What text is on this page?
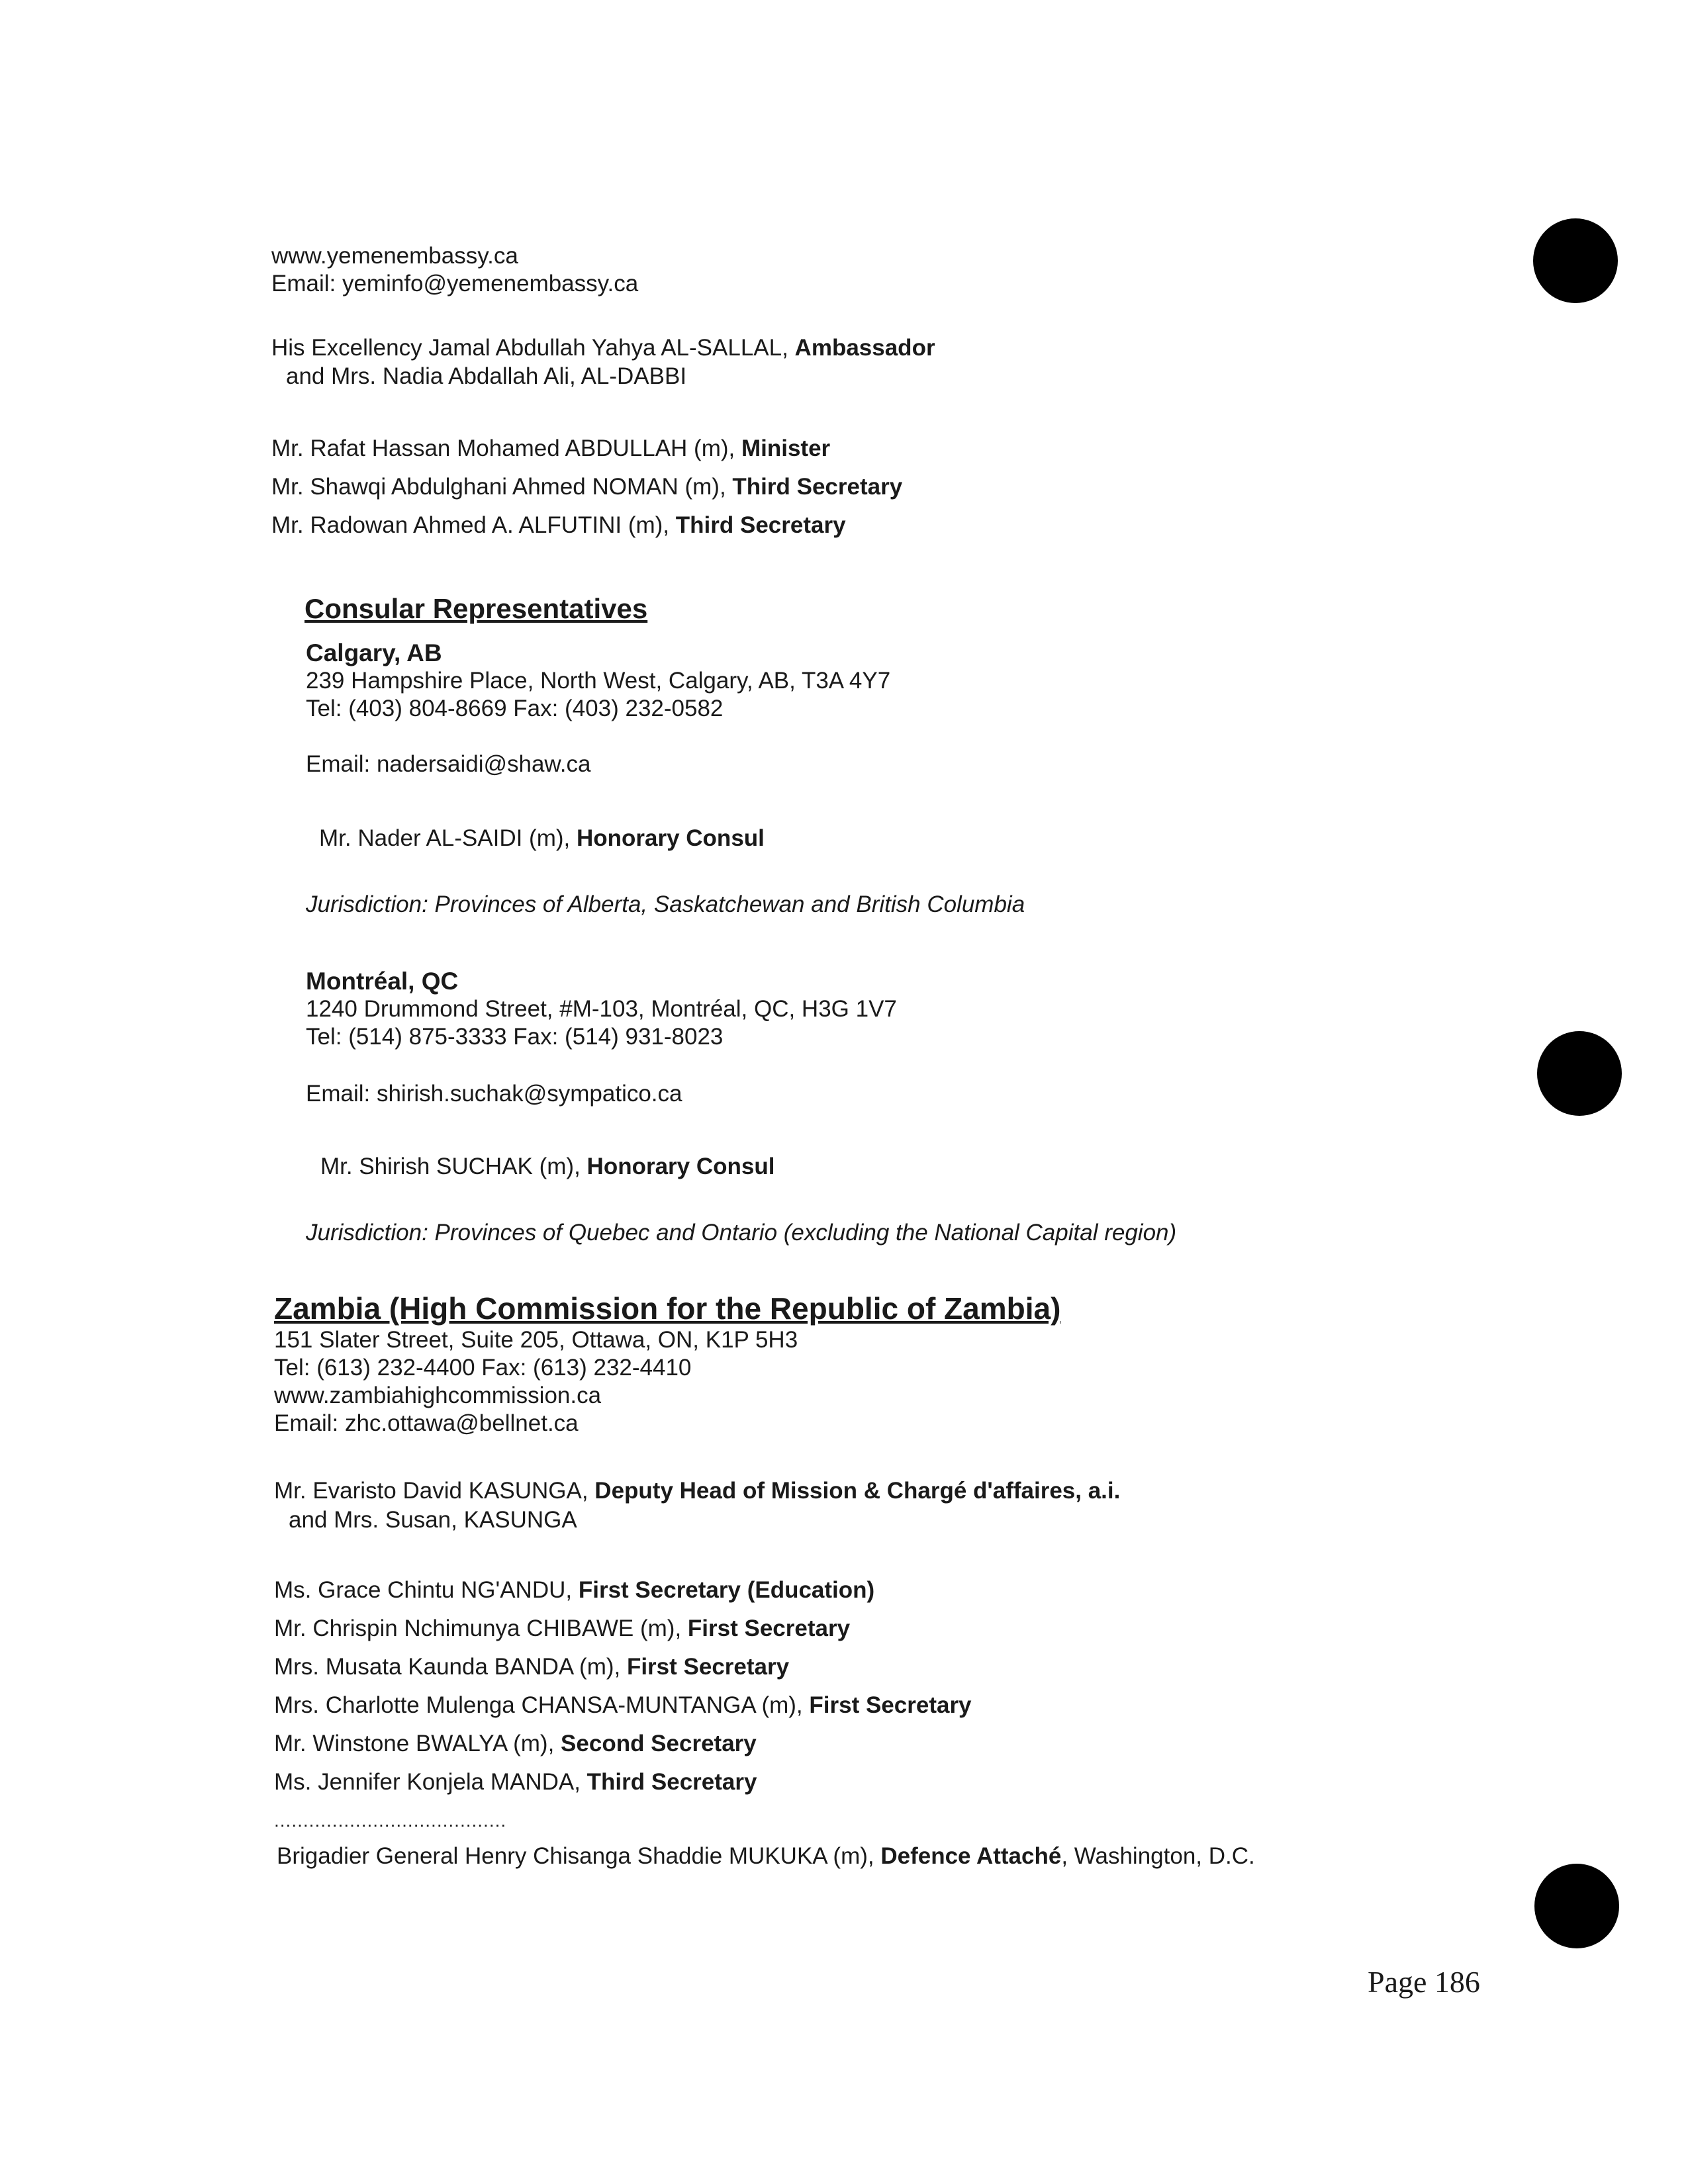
www.yemenembassy.ca
Email: yeminfo@yemenembassy.ca
His Excellency Jamal Abdullah Yahya AL-SALLAL, Ambassador
and Mrs. Nadia Abdallah Ali, AL-DABBI
Mr. Rafat Hassan Mohamed ABDULLAH (m), Minister
Mr. Shawqi Abdulghani Ahmed NOMAN (m), Third Secretary
Mr. Radowan Ahmed A. ALFUTINI (m), Third Secretary
Consular Representatives
Calgary, AB
239 Hampshire Place, North West, Calgary, AB, T3A 4Y7
Tel: (403) 804-8669 Fax: (403) 232-0582
Email: nadersaidi@shaw.ca
Mr. Nader AL-SAIDI (m), Honorary Consul
Jurisdiction: Provinces of Alberta, Saskatchewan and British Columbia
Montréal, QC
1240 Drummond Street, #M-103, Montréal, QC, H3G 1V7
Tel: (514) 875-3333 Fax: (514) 931-8023
Email: shirish.suchak@sympatico.ca
Mr. Shirish SUCHAK (m), Honorary Consul
Jurisdiction: Provinces of Quebec and Ontario (excluding the National Capital region)
Zambia (High Commission for the Republic of Zambia)
151 Slater Street, Suite 205, Ottawa, ON, K1P 5H3
Tel: (613) 232-4400 Fax: (613) 232-4410
www.zambiahighcommission.ca
Email: zhc.ottawa@bellnet.ca
Mr. Evaristo David KASUNGA, Deputy Head of Mission & Chargé d'affaires, a.i.
and Mrs. Susan, KASUNGA
Ms. Grace Chintu NG'ANDU, First Secretary (Education)
Mr. Chrispin Nchimunya CHIBAWE (m), First Secretary
Mrs. Musata Kaunda BANDA (m), First Secretary
Mrs. Charlotte Mulenga CHANSA-MUNTANGA (m), First Secretary
Mr. Winstone BWALYA (m), Second Secretary
Ms. Jennifer Konjela MANDA, Third Secretary
........................................
Brigadier General Henry Chisanga Shaddie MUKUKA (m), Defence Attaché, Washington, D.C.
Page 186
